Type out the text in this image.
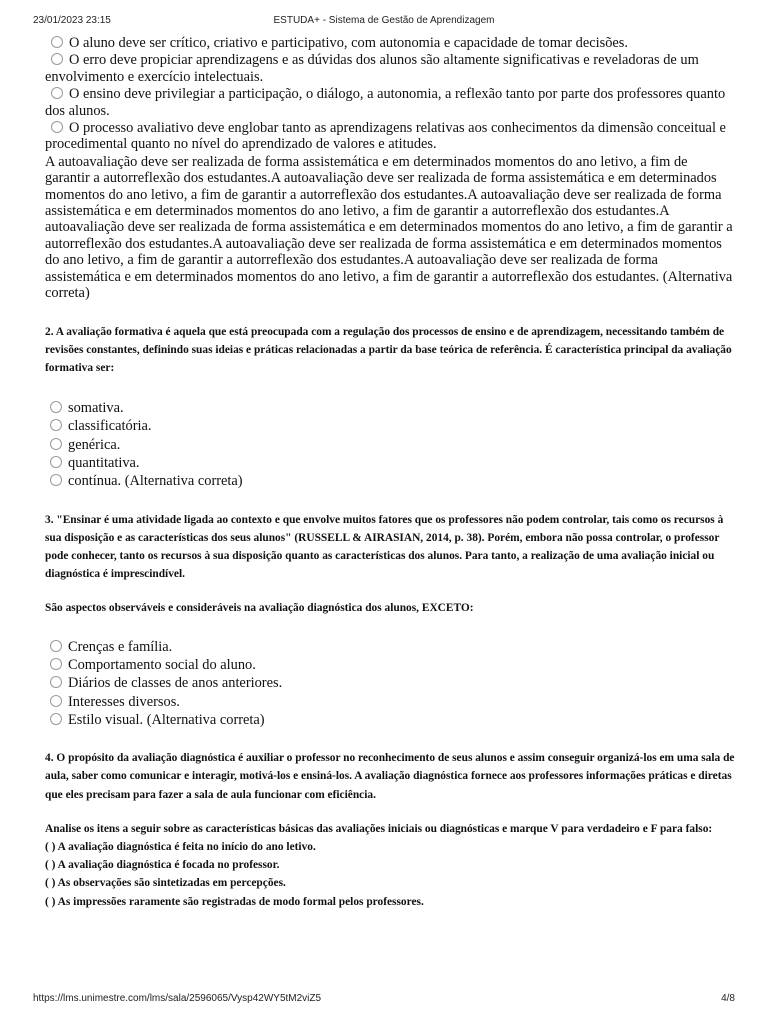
23/01/2023 23:15	ESTUDA+ - Sistema de Gestão de Aprendizagem
O aluno deve ser crítico, criativo e participativo, com autonomia e capacidade de tomar decisões.
O erro deve propiciar aprendizagens e as dúvidas dos alunos são altamente significativas e reveladoras de um envolvimento e exercício intelectuais.
O ensino deve privilegiar a participação, o diálogo, a autonomia, a reflexão tanto por parte dos professores quanto dos alunos.
O processo avaliativo deve englobar tanto as aprendizagens relativas aos conhecimentos da dimensão conceitual e procedimental quanto no nível do aprendizado de valores e atitudes.
A autoavaliação deve ser realizada de forma assistemática e em determinados momentos do ano letivo, a fim de garantir a autorreflexão dos estudantes.A autoavaliação deve ser realizada de forma assistemática e em determinados momentos do ano letivo, a fim de garantir a autorreflexão dos estudantes.A autoavaliação deve ser realizada de forma assistemática e em determinados momentos do ano letivo, a fim de garantir a autorreflexão dos estudantes.A autoavaliação deve ser realizada de forma assistemática e em determinados momentos do ano letivo, a fim de garantir a autorreflexão dos estudantes.A autoavaliação deve ser realizada de forma assistemática e em determinados momentos do ano letivo, a fim de garantir a autorreflexão dos estudantes.A autoavaliação deve ser realizada de forma assistemática e em determinados momentos do ano letivo, a fim de garantir a autorreflexão dos estudantes. (Alternativa correta)

2. A avaliação formativa é aquela que está preocupada com a regulação dos processos de ensino e de aprendizagem, necessitando também de revisões constantes, definindo suas ideias e práticas relacionadas a partir da base teórica de referência. É característica principal da avaliação formativa ser:

somativa.
classificatória.
genérica.
quantitativa.
contínua. (Alternativa correta)

3. "Ensinar é uma atividade ligada ao contexto e que envolve muitos fatores que os professores não podem controlar, tais como os recursos à sua disposição e as características dos seus alunos" (RUSSELL & AIRASIAN, 2014, p. 38). Porém, embora não possa controlar, o professor pode conhecer, tanto os recursos à sua disposição quanto as características dos alunos. Para tanto, a realização de uma avaliação inicial ou diagnóstica é imprescindível.

São aspectos observáveis e consideráveis na avaliação diagnóstica dos alunos, EXCETO:

Crenças e família.
Comportamento social do aluno.
Diários de classes de anos anteriores.
Interesses diversos.
Estilo visual. (Alternativa correta)

4. O propósito da avaliação diagnóstica é auxiliar o professor no reconhecimento de seus alunos e assim conseguir organizá-los em uma sala de aula, saber como comunicar e interagir, motivá-los e ensiná-los. A avaliação diagnóstica fornece aos professores informações práticas e diretas que eles precisam para fazer a sala de aula funcionar com eficiência.

Analise os itens a seguir sobre as características básicas das avaliações iniciais ou diagnósticas e marque V para verdadeiro e F para falso:

( ) A avaliação diagnóstica é feita no início do ano letivo.

( ) A avaliação diagnóstica é focada no professor.

( ) As observações são sintetizadas em percepções.

( ) As impressões raramente são registradas de modo formal pelos professores.

https://lms.unimestre.com/lms/sala/2596065/Vysp42WY5tM2viZ5	4/8
